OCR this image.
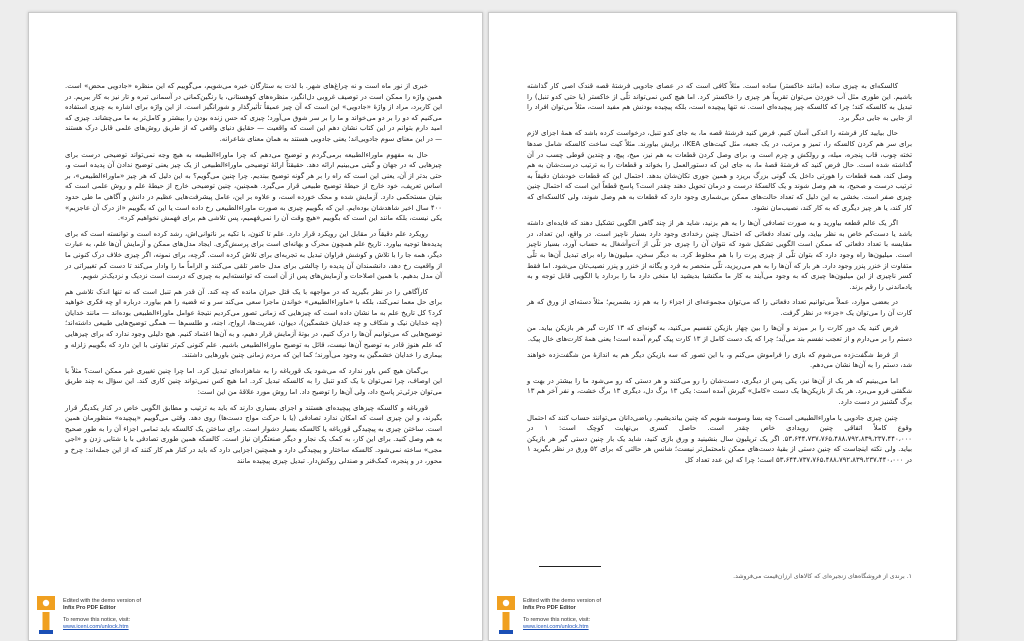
خبری از نور ماه است و نه چراغ‌های شهر. با لذت به ستارگان خیره می‌شویم، می‌گوییم که این منظره «جادویی محض» است. همین واژه را ممکن است در توصیف غروبی دل‌انگیز، منظره‌های کوهستانی، یا رنگین‌کمانی در آسمانی تیره و تار نیز به کار ببریم. در این کاربرد، مراد از واژهٔ «جادویی» این است که آن چیز عمیقاً تأثیرگذار و شورانگیز است. از این واژه برای اشاره به چیزی استفاده می‌کنیم که دو را بر دو می‌خواند و ما را بر سر شوق می‌آورد؛ چیزی که حس زنده بودن را بیشتر و کامل‌تر به ما می‌چشاند. چیزی که امید دارم بتوانم در این کتاب نشان دهم این است که واقعیت — حقایق دنیای واقعی که از طریق روش‌های علمی قابل درک هستند — در این معنای سوم جادویی‌اند؛ یعنی جادویی هستند به همان معنای شاعرانه.

حال به مفهوم ماوراءالطبیعه برمی‌گردم و توضیح می‌دهم که چرا ماوراءالطبیعه به هیچ وجه نمی‌تواند توضیحی درست برای چیزهایی که در جهان و گیتی می‌بینیم ارائه دهد. حقیقتاً ارائهٔ توضیحی ماوراءالطبیعی از یک چیز یعنی توضیح ندادن آن پدیده است و، حتی بدتر از آن، یعنی این است که راه را بر هر گونه توضیح ببندیم. چرا چنین می‌گویم؟ به این دلیل که هر چیز «ماوراءالطبیعی»، بر اساس تعریف، خود خارج از حیطهٔ توضیح طبیعی قرار می‌گیرد. همچنین، چنین توضیحی خارج از حیطهٔ علم و روش علمی است که بنیان مستحکمی دارد. آزمایش شده و محک خورده است، و علاوه بر این، عامل پیشرفت‌هایی عظیم در دانش و آگاهی ما طی حدود ۴۰۰ سال اخیر شاهدشان بوده‌ایم. این که بگوییم چیزی به صورت ماوراءالطبیعی رخ داده است یا این که بگوییم «از درک آن عاجزیم» یکی نیست، بلکه مانند این است که بگوییم «هیچ وقت آن را نمی‌فهمیم، پس تلاشی هم برای فهمش نخواهیم کرد».

رویکرد علم دقیقاً در مقابل این رویکرد قرار دارد. علم تا کنون، با تکیه بر ناتوانی‌اش، رشد کرده است و توانسته است که برای پدیده‌ها توجیه بیاورد. تاریخ علم همچون محرک و بهانه‌ای است برای پرسش‌گری. ایجاد مدل‌های ممکن و آزمایش آن‌ها علم، به عبارت دیگر، همه جا را با تلاش و کوشش فراوان تبدیل به تجربه‌ای برای تلاش کرده است. گرچه، برای نمونه، اگر چیزی خلاف درک کنونی ما از واقعیت رخ دهد، دانشمندان آن پدیده را چالشی برای مدل حاضر تلقی می‌کنند و الزاماً ما را وادار می‌کند تا دست کم تغییراتی در آن مدل بدهیم. با همین اصلاحات و آزمایش‌های پس از آن است که توانسته‌ایم به چیزی که درست است نزدیک و نزدیک‌تر شویم.

کارآگاهی را در نظر بگیرید که در مواجهه با یک قتل حیران مانده که چه کند. آن قدر هم تنبل است که نه تنها اندک تلاشی هم برای حل معما نمی‌کند، بلکه با «ماوراءالطبیعی» خواندن ماجرا سعی می‌کند سر و ته قضیه را هم بیاورد. درباره او چه فکری خواهید کرد؟ کل تاریخ علم به ما نشان داده است که چیزهایی که زمانی تصور می‌کردیم نتیجهٔ عوامل ماوراءالطبیعی بوده‌اند — مانند خدایان (چه خدایان نیک و شکاف و چه خدایان خشمگین)، دیوان، عفریت‌ها، ارواح، اجنه، و طلسم‌ها — همگی توضیح‌هایی طبیعی داشته‌اند؛ توضیح‌هایی که می‌توانیم آن‌ها را درک کنیم، در بوتهٔ آزمایش قرار دهیم، و به آن‌ها اعتماد کنیم. هیچ دلیلی وجود ندارد که برای چیزهایی که علم هنوز قادر به توضیح آن‌ها نیست، قائل به توضیح ماوراءالطبیعی باشیم. علم کنونی کم‌تر تفاوتی با این دارد که بگوییم زلزله و بیماری را خدایان خشمگین به وجود می‌آورند؛ کما این که مردم زمانی چنین باورهایی داشتند.

بی‌گمان هیچ کس باور ندارد که می‌شود یک قورباغه را به شاهزاده‌ای تبدیل کرد. اما چرا چنین تغییری غیر ممکن است؟ مثلاً با این اوصاف، چرا نمی‌توان با یک کدو تنبل را به کالسکه تبدیل کرد. اما هیچ کس نمی‌تواند چنین کاری کند. این سؤال به چند طریق می‌توان جزئی‌تر پاسخ داد، ولی آن‌ها را توضیح داد. اما روش مورد علاقهٔ من این است:

قورباغه و کالسکه چیزهای پیچیده‌ای هستند و اجزای بسیاری دارند که باید به ترتیب و مطابق الگویی خاص در کنار یکدیگر قرار بگیرند، و این چیزی است که امکان ندارد تصادفی (یا با حرکت مواج دست‌ها) روی دهد. وقتی می‌گوییم «پیچیده» منظورمان همین است. ساختن چیزی به پیچیدگی قورباغه یا کالسکه بسیار دشوار است. برای ساختن یک کالسکه باید تمامی اجزاء آن را به طور صحیح به هم وصل کنید. برای این کار، به کمک یک نجار و دیگر صنعتگران نیاز است. کالسکه همین طوری تصادفی با یا شتابی زدن و «اجی مجی» ساخته نمی‌شود. کالسکه ساختار و پیچیدگی دارد و همچنین اجزایی دارد که باید در کنار هم کار کنند که از این جمله‌اند: چرخ و محور، در و پنجره، کمک‌فنر و صندلی روکش‌دار. تبدیل چیزی پیچیده مانند

Edited with the demo version of
Infix Pro PDF Editor
To remove this notice, visit:
www.iceni.com/unlock.htm

کالسکه‌ای به چیزی ساده (مانند خاکستر) ساده است. مثلاً کافی است که در عصای جادویی فرشتهٔ قصه قندک اصی کار گذاشته باشیم. این طوری مثل آب خوردن می‌توان تقریباً هر چیزی را خاکستر کرد. اما هیچ کس نمی‌تواند تلّی از خاکستر (یا حتی کدو تنبل) را تبدیل به کالسکه کند؛ چرا که کالسکه چیز پیچیده‌ای است. نه تنها پیچیده است، بلکه پیچیده بودنش هم مفید است، مثلاً می‌توان افراد را از جایی به جایی دیگر برد.

حال بیایید کار فرشته را اندکی آسان کنیم. فرض کنید فرشتهٔ قصه ما، به جای کدو تنبل، درخواست کرده باشد که همهٔ اجزای لازم برای سر هم کردن کالسکه را، تمیز و مرتب، در یک جعبه، مثل کیت‌های IKEA، برایش بیاورند. مثلاً کیت ساخت کالسکه شامل صدها تخته چوب، قاب پنجره، میله، و رولکش و چرم است و، برای وصل کردن قطعات به هم نیز، میخ، پیچ، و چندین قوطی چسب در آن گذاشته شده است. حال فرض کنید که فرشتهٔ قصهٔ ما، به جای این که دستورالعمل را بخواند و قطعات را به ترتیب درست‌شان به هم وصل کند، همه قطعات را هورتی داخل یک گونی بزرگ بریزد و همین جوری تکان‌شان بدهد. احتمال این که قطعات خودشان دقیقاً به ترتیب درست و صحیح، به هم وصل شوند و یک کالسکهٔ درست و درمان تحویل دهند چقدر است؟ پاسخ قطعاً این است که احتمال چنین چیزی صفر است. بخشی به این دلیل که تعداد حالت‌های ممکن بی‌شماری وجود دارد که قطعات به هم وصل شوند، ولی کالسکه‌ای که کار کند، یا هر چیز دیگری که به کار کند، نصیب‌مان نشود.

اگر یک عالم قطعه بیاورید و به صورت تصادفی آن‌ها را به هم بزنید، شاید هر از چند گاهی الگویی تشکیل دهند که فایده‌ای داشته باشد یا دست‌کم خاص به نظر بیاید، ولی تعداد دفعاتی که احتمال چنین رخدادی وجود دارد بسیار ناچیز است. در واقع، این تعداد، در مقایسه با تعداد دفعاتی که ممکن است الگویی تشکیل شود که نتوان آن را چیزی جز تلّی از آت‌وآشغال به حساب آورد، بسیار ناچیز است. میلیون‌ها راه وجود دارد که بتوان تلّی از چیزی پرت را با هم مخلوط کرد. به دیگر سخن، میلیون‌ها راه برای تبدیل آن‌ها به تلّی متفاوت از خنزر پنزر وجود دارد. هر بار که آن‌ها را به هم می‌ریزید، تلّی منحصر به فرد و یگانه از خنزر و پنزر نصیب‌تان می‌شود. اما فقط کسر ناچیزی از این میلیون‌ها چیزی که به وجود می‌آیند به کار ما مکتشبا بدیشید ایا منخی دارد ما را بردارد یا الگویی قابل توجه و به یادماندنی را رقم بزند.

در بعضی موارد، عملاً می‌توانیم تعداد دفعاتی را که می‌توان مجموعه‌ای از اجزاء را به هم زد بشمریم؛ مثلاً دسته‌ای از ورق که هر کارت آن را می‌توان یک «جزء» در نظر گرفت.

فرض کنید یک دور کارت را بر میزند و آن‌ها را بین چهار بازیکن تقسیم می‌کنید، به گونه‌ای که ۱۳ کارت گیر هر بازیکن بیاید. من دستم را بر می‌دارم و از تعجب نفسم بند می‌آید؛ چرا که یک دست کامل از ۱۳ کارت پیک گیرم آمده است! یعنی همهٔ کارت‌های خال پیک.

از فرط شگفت‌زده می‌شوم که بازی را فراموش می‌کنم و، با این تصور که سه بازیکن دیگر هم به اندازهٔ من شگفت‌زده خواهند شد، دستم را به آن‌ها نشان می‌دهم.

اما می‌بینیم که هر یک از آن‌ها نیز، یکی پس از دیگری، دست‌شان را رو می‌کنند و هر دستی که رو می‌شود ما را بیشتر در بهت و شگفتی فرو می‌برد. هر یک از بازیکن‌ها یک دست «کامل» گیرش آمده است: یکی ۱۳ برگ دل، دیگری ۱۳ برگ خشت، و نفر آخر هم ۱۳ برگ گشنیز در دست دارد.

چنین چیزی جادویی یا ماوراءالطبیعی است؟ چه بسا وسوسه شویم که چنین بیاندیشیم. ریاضی‌دانان می‌توانند حساب کنند که احتمال وقوع کاملاً اتفاقی چنین رویدادی خاص چقدر است. حاصل کسری بی‌نهایت کوچک است: ۱ در ۵۳،۶۴۴،۷۳۷،۷۶۵،۴۸۸،۷۹۲،۸۳۹،۲۳۷،۴۴۰،۰۰۰. اگر یک تریلیون سال بنشینید و ورق بازی کنید، شاید یک بار چنین دستی گیر هر بازیکن بیاید. ولی نکته اینجاست که چنین دستی از بقیهٔ دست‌های ممکن نامحتمل‌تر نیست؛ شانس هر حالتی که برای ۵۲ ورق در نظر بگیرید ۱ در ۵۳،۶۴۴،۷۳۷،۷۶۵،۴۸۸،۷۹۲،۸۳۹،۲۳۷،۴۴۰،۰۰۰ است؛ چرا که این عدد تعداد کل

۱. برندی از فروشگاه‌های زنجیره‌ای که کالاهای ارزان‌قیمت می‌فروشد.
Edited with the demo version of
Infix Pro PDF Editor
To remove this notice, visit:
www.iceni.com/unlock.htm
